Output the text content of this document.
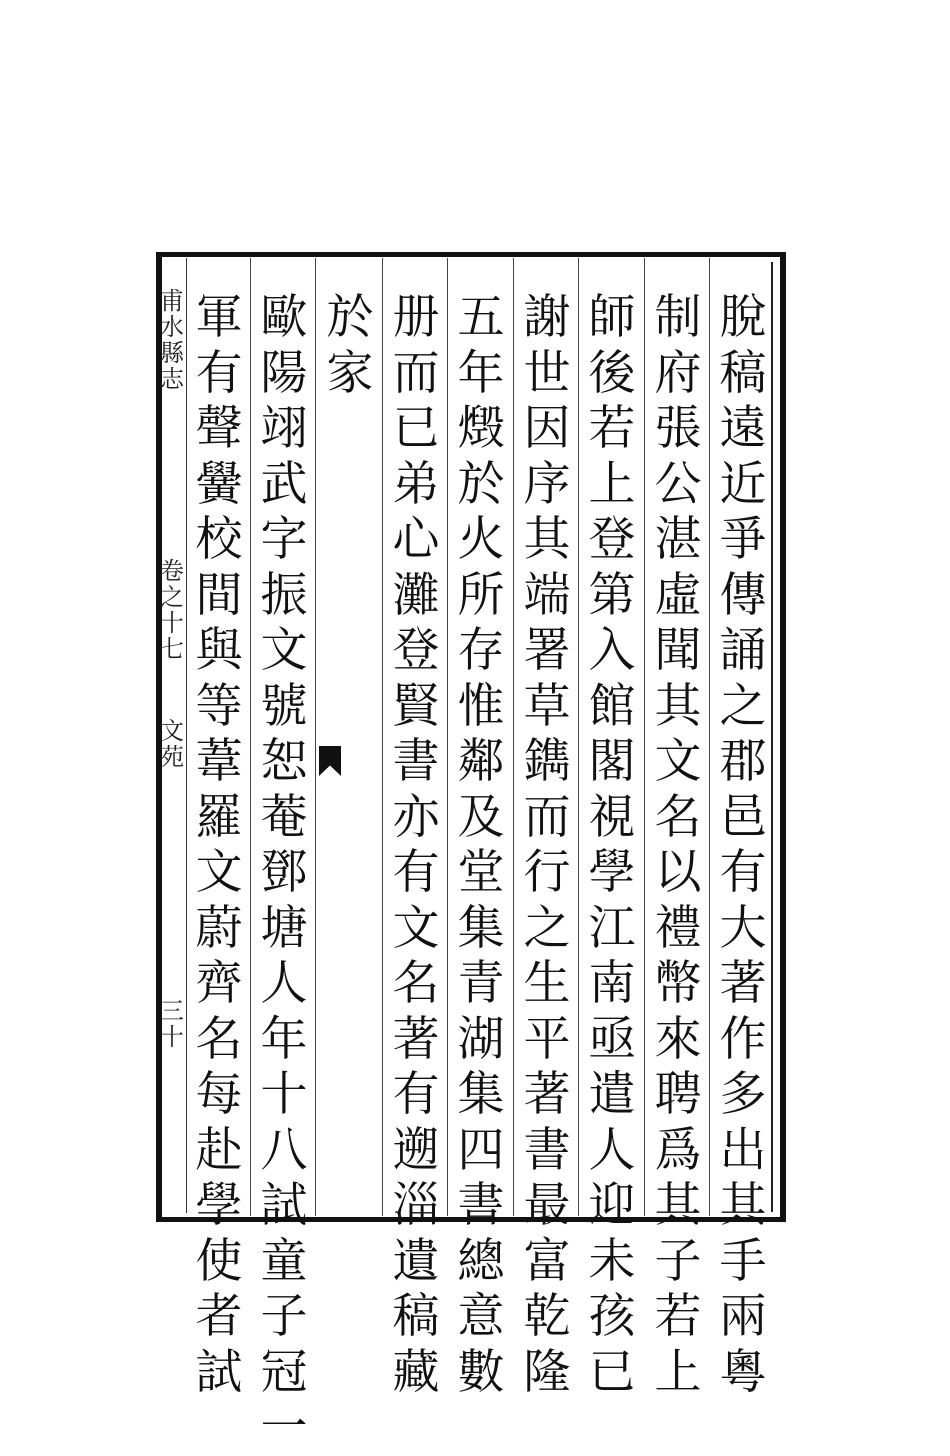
甫
水
縣
志
卷
之
十
七
文
苑
三
十
脫
稿
遠
近
爭
傳
誦
之
郡
邑
有
大
著
作
多
出
其
手
兩
粵
制
府
張
公
湛
虛
聞
其
文
名
以
禮
幣
來
聘
爲
其
子
若
上
師
後
若
上
登
第
入
館
閣
視
學
江
南
亟
遣
人
迎
未
孩
已
謝
世
因
序
其
端
署
草
鐫
而
行
之
生
平
著
書
最
富
乾
隆
五
年
燬
於
火
所
存
惟
鄰
及
堂
集
青
湖
集
四
書
總
意
數
册
而
已
弟
心
灘
登
賢
書
亦
有
文
名
著
有
遡
淄
遺
稿
藏
於
家
歐
陽
翊
武
字
振
文
號
恕
菴
鄧
塘
人
年
十
八
試
童
子
冠
一
軍
有
聲
黌
校
間
與
等
葦
羅
文
蔚
齊
名
每
赴
學
使
者
試
